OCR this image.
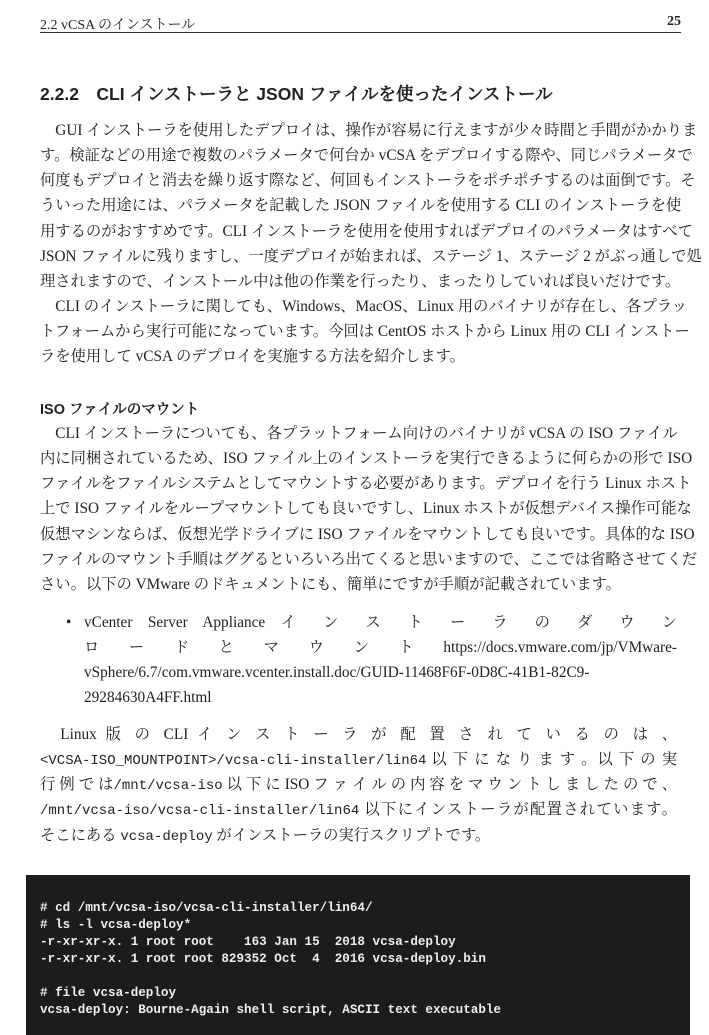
2.2 vCSA のインストール	25
2.2.2　CLI インストーラと JSON ファイルを使ったインストール
　GUI インストーラを使用したデプロイは、操作が容易に行えますが少々時間と手間がかかりま
す。検証などの用途で複数のパラメータで何台か vCSA をデプロイする際や、同じパラメータで
何度もデプロイと消去を繰り返す際など、何回もインストーラをポチポチするのは面倒です。そ
ういった用途には、パラメータを記載した JSON ファイルを使用する CLI のインストーラを使
用するのがおすすめです。CLI インストーラを使用を使用すればデプロイのパラメータはすべて
JSON ファイルに残りますし、一度デプロイが始まれば、ステージ 1、ステージ 2 がぶっ通しで処
理されますので、インストール中は他の作業を行ったり、まったりしていれば良いだけです。
　CLI のインストーラに関しても、Windows、MacOS、Linux 用のバイナリが存在し、各プラッ
トフォームから実行可能になっています。今回は CentOS ホストから Linux 用の CLI インストー
ラを使用して vCSA のデプロイを実施する方法を紹介します。
ISO ファイルのマウント
　CLI インストーラについても、各プラットフォーム向けのバイナリが vCSA の ISO ファイル
内に同梱されているため、ISO ファイル上のインストーラを実行できるように何らかの形で ISO
ファイルをファイルシステムとしてマウントする必要があります。デプロイを行う Linux ホスト
上で ISO ファイルをループマウントしても良いですし、Linux ホストが仮想デバイス操作可能な
仮想マシンならば、仮想光学ドライブに ISO ファイルをマウントしても良いです。具体的な ISO
ファイルのマウント手順はググるといろいろ出てくると思いますので、ここでは省略させてくだ
さい。以下の VMware のドキュメントにも、簡単にですが手順が記載されています。
• vCenter Server Appliance イ ン ス ト ー ラ の ダ ウ ン
ロ ー ド と マ ウ ン ト https://docs.vmware.com/jp/VMware-
vSphere/6.7/com.vmware.vcenter.install.doc/GUID-11468F6F-0D8C-41B1-82C9-
29284630A4FF.html
　Linux 版 の CLI イ ン ス ト ー ラ が 配 置 さ れ て い る の は 、
<VCSA-ISO_MOUNTPOINT>/vcsa-cli-installer/lin64 以 下 に な り ま す 。以 下 の 実
行 例 で は/mnt/vcsa-iso 以 下 に ISO フ ァ イ ル の 内 容 を マ ウ ン ト し ま し た の で 、
/mnt/vcsa-iso/vcsa-cli-installer/lin64 以下にインストーラが配置されています。
そこにある vcsa-deploy がインストーラの実行スクリプトです。
# cd /mnt/vcsa-iso/vcsa-cli-installer/lin64/
# ls -l vcsa-deploy*
-r-xr-xr-x. 1 root root    163 Jan 15  2018 vcsa-deploy
-r-xr-xr-x. 1 root root 829352 Oct  4  2016 vcsa-deploy.bin

# file vcsa-deploy
vcsa-deploy: Bourne-Again shell script, ASCII text executable
